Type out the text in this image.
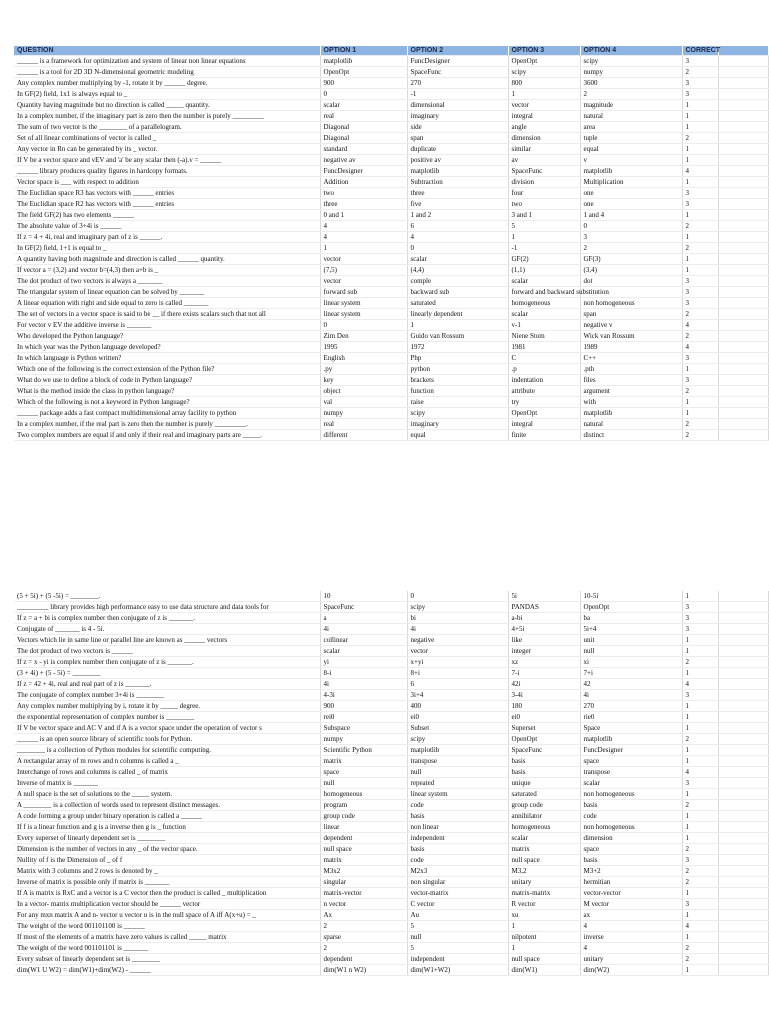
QUESTION	OPTION 1	OPTION 2	OPTION 3	OPTION 4	CORRECT	
______ is a framework for optimization and system of linear non linear equations	matplotlib	FuncDesigner	OpenOpt	scipy	3	
______ is a tool for 2D 3D N-dimensional geometric modeling	OpenOpt	SpaceFunc	scipy	numpy	2	
Any complex number multiplying by -1, rotate it by ______ degree.	900	270	800	3600	3	
In GF(2) field, 1x1 is always equal to _	0	-1	1	2	3	
Quantity having magnitude but no direction is called _____ quantity.	scalar	dimensional	vector	magnitude	1	
In a complex number, if the imaginary part is zero then the number is purely _________	real	imaginary	integral	natural	1	
The sum of two vector is the ________ of a parallelogram.	Diagonal	side	angle	area	1	
Set of all linear combinations of vector is called _	Diagonal	span	dimension	tuple	2	
Any vector in Rn can be generated by its _ vector.	standard	duplicate	similar	equal	1	
If V be a vector space and vEV and 'a' be any scalar then (-a).v = ______	negative av	positive av	av	v	1	
______ library produces quality figures in hardcopy formats.	FuncDesigner	matplotlib	SpaceFunc	matplotlib	4	
Vector space is ___ with respect to addition	Addition	Subtraction	division	Multiplication	1	
The Euclidian space R3 has vectors with ______ entries	two	three	four	one	3	
The Euclidian space R2 has vectors with ______ entries	three	five	two	one	3	
The field GF(2) has two elements ______	0 and 1	1 and 2	3 and 1	1 and 4	1	
The absolute value of 3+4i is ______	4	6	5	0	2	
If z = 4 + 4i, real and imaginary part of z is ______.	4	4	1	3	1	
In GF(2) field, 1+1 is equal to _	1	0	-1	2	2	
A quantity having both magnitude and direction is called ______ quantity.	vector	scalar	GF(2)	GF(3)	1	
If vector a = (3,2) and vector b=(4,3) then a+b is _	(7,5)	(4,4)	(1,1)	(3,4)	1	
The dot product of two vectors is always a _______	vector	comple	scalar	dot	3	
The triangular system of linear equation can be solved by _______	forward sub	backward sub	forward and backward substitution		3	
A linear equation with right and side equal to zero is called _______	linear system	saturated	homogeneous	non homogeneous	3	
The set of vectors in a vector space is said to be __ if there exists scalars such that not all	linear system	linearly dependent	scalar	span	2	
For vector v EV the additive inverse is _______	0	1	v-1	negative v	4	
Who developed the Python language?	Zim Den	Guido van Rossum	Niene Stom	Wick van Rossum	2	
In which year was the Python language developed?	1995	1972	1981	1989	4	
In which language is Python written?	English	Php	C	C++	3	
Which one of the following is the correct extension of the Python file?	.py	python	.p	.pth	1	
What do we use to define a block of code in Python language?	key	brackets	indentation	files	3	
What is the method inside the class in python language?	object	function	attribute	argument	2	
Which of the following is not a keyword in Python language?	val	raise	try	with	1	
______ package adds a fast compact multidimensional array facility to python	numpy	scipy	OpenOpt	matplotlib	1	
In a complex number, if the real part is zero then the number is purely _________.	real	imaginary	integral	natural	2	
Two complex numbers are equal if and only if their real and imaginary parts are _____.	different	equal	finite	distinct	2	
(5 + 5i) + (5 -5i) = ________.	10	0	5i	10-5i	1	
_________ library provides high performance easy to use data structure and data tools for	SpaceFunc	scipy	PANDAS	OpenOpt	3	
If z = a + bi is complex number then conjugate of z is _______.	a	bi	a-bi	ba	3	
Conjugate of _______ is 4 - 5i.	4i	4i	4+5i	5i+4	3	
Vectors which lie in same line or parallel line are known as ______ vectors	collinear	negative	like	unit	1	
The dot product of two vectors is ______	scalar	vector	integer	null	1	
If z = x - yi is complex number then conjugate of z is _______.	yi	x+yi	xz	xi	2	
(3 + 4i) + (5 - 5i) = ________	8-i	8+i	7-i	7+i	1	
If z = 42 + 4i, real and real part of z is _______.	4i	6	42i	42	4	
The conjugate of complex number 3+4i is ________	4-3i	3i+4	3-4i	4i	3	
Any complex number multiplying by i, rotate it by _____ degree.	900	400	180	270	1	
the exponential representation of complex number is ________	rei0	ei0	ei0	rie0	1	
If V be vector space and AC V and if A is a vector space under the operation of vector s	Subspace	Subset	Superset	Space	1	
______ is an open source library of scientific tools for Python.	numpy	scipy	OpenOpt	matplotlib	2	
________ is a collection of Python modules for scientific computing.	Scientific Python	matplotlib	SpaceFunc	FuncDesigner	1	
A rectangular array of m rows and n columns is called a _	matrix	transpose	basis	space	1	
Interchange of rows and columns is called _ of matrix	space	null	basis	transpose	4	
Inverse of matrix is _______	null	repeated	unique	scalar	3	
A null space is the set of solutions to the _____ system.	homogeneous	linear system	saturated	non homogeneous	1	
A ________ is a collection of words used to represent distinct messages.	program	code	group code	basis	2	
A code forming a group under binary operation is called a ______	group code	basis	annihilator	code	1	
If f is a linear function and g is a inverse then g is _ function	linear	non linear	homogeneous	non homogeneous	1	
Every superset of linearly dependent set is ________	dependent	independent	scalar	dimension	1	
Dimension is the number of vectors in any _ of the vector space.	null space	basis	matrix	space	2	
Nullity of f is the Dimension of _ of f	matrix	code	null space	basis	3	
Matrix with 3 columns and 2 rows is denoted by _	M3x2	M2x3	M3,2	M3+2	2	
Inverse of matrix is possible only if matrix is _______	singular	non singular	unitary	hermitian	2	
If A is matrix is RxC and a vector is a C vector then the product is called _ multiplication	matrix-vector	vector-matrix	matrix-matrix	vector-vector	1	
In a vector- matrix multiplication vector should be ______ vector	n vector	C vector	R vector	M vector	3	
For any mxn matrix A and n- vector u vector u is in the null space of A iff A(x+u) = _	Ax	Au	xu	ax	1	
The weight of the word 001101100 is ______	2	5	1	4	4	
If most of the elements of a matrix have zero values is called _____ matrix	sparse	null	nilpotent	inverse	1	
The weight of the word 001101101 is _______	2	5	1	4	2	
Every subset of linearly dependent set is ________	dependent	independent	null space	unitary	2	
dim(W1 U W2) = dim(W1)+dim(W2) - ______	dim(W1 n W2)	dim(W1+W2)	dim(W1)	dim(W2)	1	
